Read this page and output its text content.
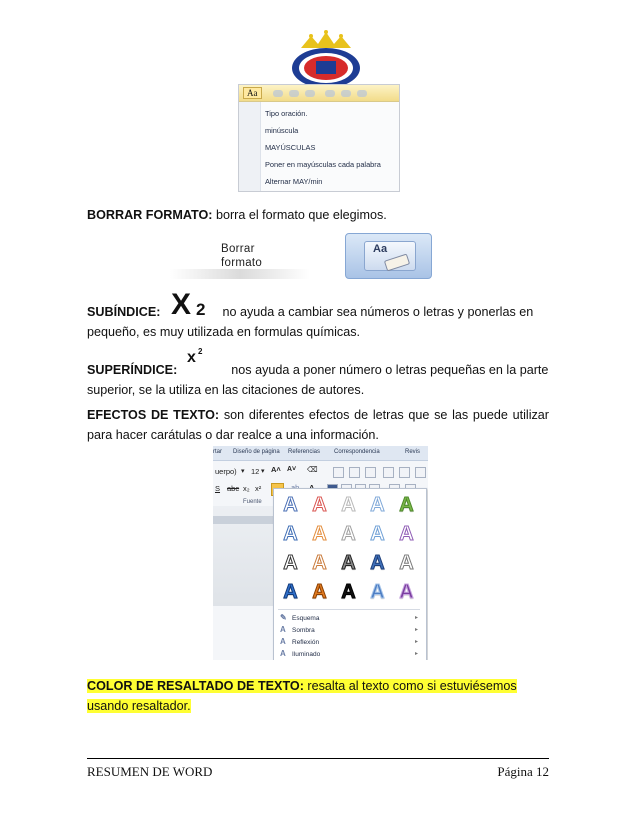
Aa
Tipo oración.
minúscula
MAYÚSCULAS
Poner en mayúsculas cada palabra
Alternar MAY/min
BORRAR FORMATO: borra el formato que elegimos.
Borrar
formato
Aa
SUBÍNDICE:	no ayuda a cambiar sea números o letras y ponerlas en
pequeño, es muy utilizada en formulas químicas.
X 2
SUPERÍNDICE:	nos ayuda a poner número o letras pequeñas en la parte
superior, se la utiliza en las citaciones de autores.
x 2
EFECTOS DE TEXTO: son diferentes efectos de letras que se las puede utilizar para hacer carátulas o dar realce a una información.
rtar Diseño de página Referencias Correspondencia	Revis
uerpo) ▾ 12 ▾ A˄ A˅ ⌫
S abc x₂ x²
Fuente	A A A A A
A A A A A
A A A A A
A A A A A
✎ Esquema	▸
A Sombra	▸
A Reflexión	▸
A Iluminado	▸
COLOR DE RESALTADO DE TEXTO: resalta al texto como si estuviésemos
usando resaltador.
RESUMEN DE WORD	Página 12
